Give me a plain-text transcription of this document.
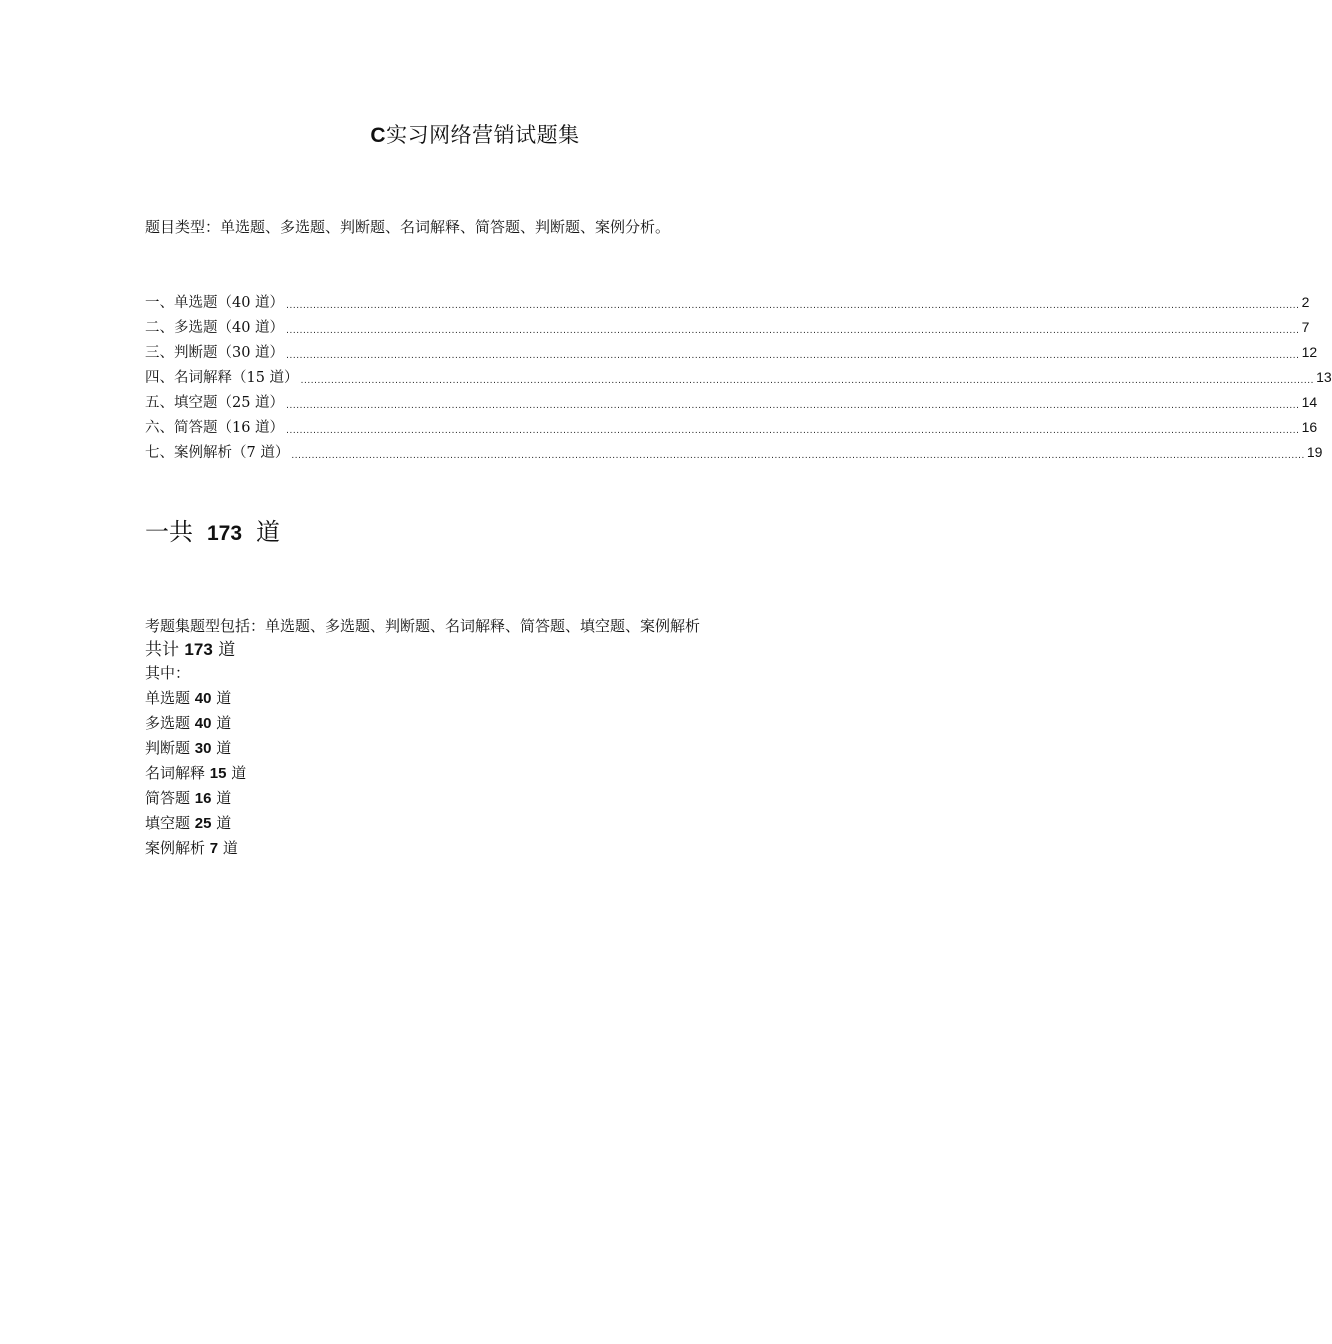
C实习网络营销试题集
题目类型：单选题、多选题、判断题、名词解释、简答题、判断题、案例分析。
一、单选题（40 道） ............................................................................................................................................................................................................................................................................................................ 2
二、多选题（40 道） ............................................................................................................................................................................................................................................................................................................ 7
三、判断题（30 道） ............................................................................................................................................................................................................................................................................................................ 12
四、名词解释（15 道） ............................................................................................................................................................................................................................................................................................................ 13
五、填空题（25 道） ............................................................................................................................................................................................................................................................................................................ 14
六、简答题（16 道） ............................................................................................................................................................................................................................................................................................................ 16
七、案例解析（7 道） ............................................................................................................................................................................................................................................................................................................ 19
一共 173 道
考题集题型包括：单选题、多选题、判断题、名词解释、简答题、填空题、案例解析
共计 173 道
其中：
单选题 40 道
多选题 40 道
判断题 30 道
名词解释 15 道
简答题 16 道
填空题 25 道
案例解析 7 道
